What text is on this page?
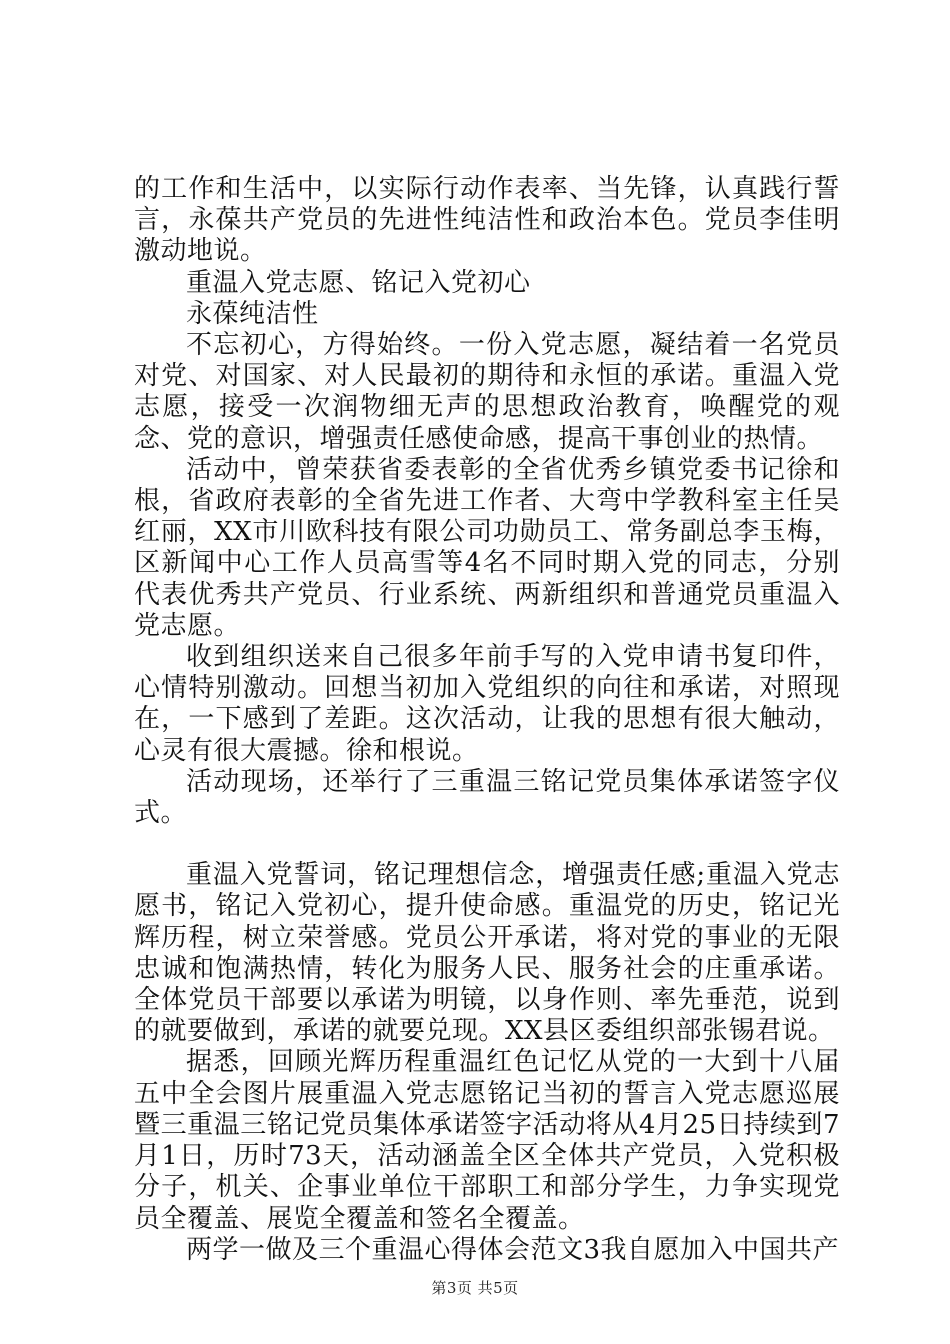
的工作和生活中，以实际行动作表率、当先锋，认真践行誓言，永葆共产党员的先进性纯洁性和政治本色。党员李佳明激动地说。

重温入党志愿、铭记入党初心

永葆纯洁性

不忘初心，方得始终。一份入党志愿，凝结着一名党员对党、对国家、对人民最初的期待和永恒的承诺。重温入党志愿，接受一次润物细无声的思想政治教育，唤醒党的观念、党的意识，增强责任感使命感，提高干事创业的热情。

活动中，曾荣获省委表彰的全省优秀乡镇党委书记徐和根，省政府表彰的全省先进工作者、大弯中学教科室主任吴红丽，XX市川欧科技有限公司功勋员工、常务副总李玉梅，区新闻中心工作人员高雪等4名不同时期入党的同志，分别代表优秀共产党员、行业系统、两新组织和普通党员重温入党志愿。

收到组织送来自己很多年前手写的入党申请书复印件，心情特别激动。回想当初加入党组织的向往和承诺，对照现在，一下感到了差距。这次活动，让我的思想有很大触动，心灵有很大震撼。徐和根说。

活动现场，还举行了三重温三铭记党员集体承诺签字仪式。

重温入党誓词，铭记理想信念，增强责任感;重温入党志愿书，铭记入党初心，提升使命感。重温党的历史，铭记光辉历程，树立荣誉感。党员公开承诺，将对党的事业的无限忠诚和饱满热情，转化为服务人民、服务社会的庄重承诺。全体党员干部要以承诺为明镜，以身作则、率先垂范，说到的就要做到，承诺的就要兑现。XX县区委组织部张锡君说。

据悉，回顾光辉历程重温红色记忆从党的一大到十八届五中全会图片展重温入党志愿铭记当初的誓言入党志愿巡展暨三重温三铭记党员集体承诺签字活动将从4月25日持续到7月1日，历时73天，活动涵盖全区全体共产党员，入党积极分子，机关、企事业单位干部职工和部分学生，力争实现党员全覆盖、展览全覆盖和签名全覆盖。

两学一做及三个重温心得体会范文3我自愿加入中国共产

第3页 共5页
